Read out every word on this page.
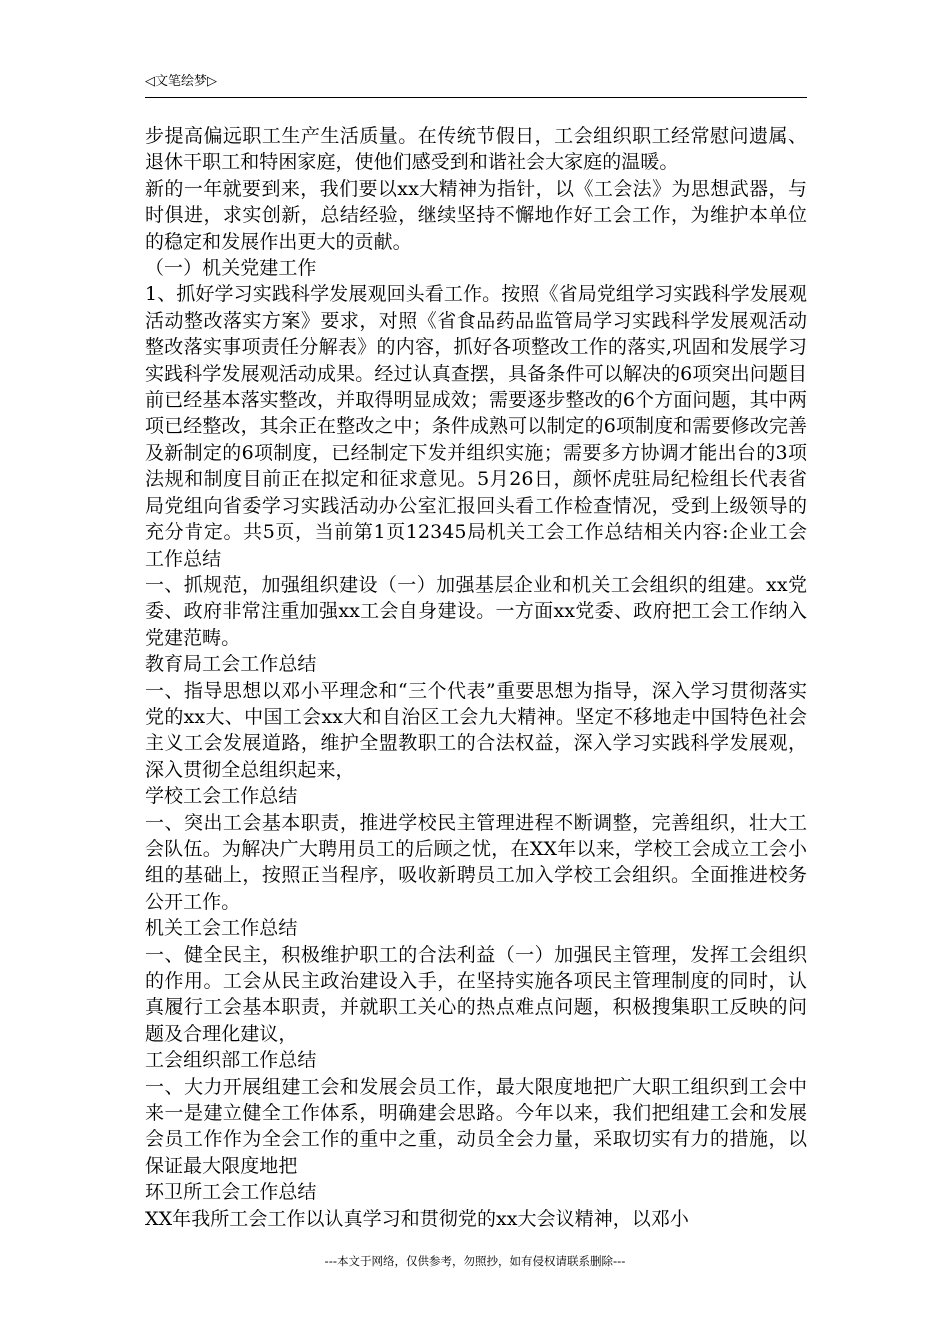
◁文笔绘梦▷

步提高偏远职工生产生活质量。在传统节假日，工会组织职工经常慰问遗属、退休干职工和特困家庭，使他们感受到和谐社会大家庭的温暖。

新的一年就要到来，我们要以xx大精神为指针，以《工会法》为思想武器，与时俱进，求实创新，总结经验，继续坚持不懈地作好工会工作，为维护本单位的稳定和发展作出更大的贡献。

（一）机关党建工作

1、抓好学习实践科学发展观回头看工作。按照《省局党组学习实践科学发展观活动整改落实方案》要求，对照《省食品药品监管局学习实践科学发展观活动整改落实事项责任分解表》的内容，抓好各项整改工作的落实,巩固和发展学习实践科学发展观活动成果。经过认真查摆，具备条件可以解决的6项突出问题目前已经基本落实整改，并取得明显成效；需要逐步整改的6个方面问题，其中两项已经整改，其余正在整改之中；条件成熟可以制定的6项制度和需要修改完善及新制定的6项制度，已经制定下发并组织实施；需要多方协调才能出台的3项法规和制度目前正在拟定和征求意见。5月26日，颜怀虎驻局纪检组长代表省局党组向省委学习实践活动办公室汇报回头看工作检查情况，受到上级领导的充分肯定。共5页，当前第1页12345局机关工会工作总结相关内容:企业工会工作总结

一、抓规范，加强组织建设（一）加强基层企业和机关工会组织的组建。xx党委、政府非常注重加强xx工会自身建设。一方面xx党委、政府把工会工作纳入党建范畴。

教育局工会工作总结

一、指导思想以邓小平理念和“三个代表”重要思想为指导，深入学习贯彻落实党的xx大、中国工会xx大和自治区工会九大精神。坚定不移地走中国特色社会主义工会发展道路，维护全盟教职工的合法权益，深入学习实践科学发展观，深入贯彻全总组织起来，

学校工会工作总结

一、突出工会基本职责，推进学校民主管理进程不断调整，完善组织，壮大工会队伍。为解决广大聘用员工的后顾之忧，在XX年以来，学校工会成立工会小组的基础上，按照正当程序，吸收新聘员工加入学校工会组织。全面推进校务公开工作。

机关工会工作总结

一、健全民主，积极维护职工的合法利益（一）加强民主管理，发挥工会组织的作用。工会从民主政治建设入手，在坚持实施各项民主管理制度的同时，认真履行工会基本职责，并就职工关心的热点难点问题，积极搜集职工反映的问题及合理化建议，

工会组织部工作总结

一、大力开展组建工会和发展会员工作，最大限度地把广大职工组织到工会中来一是建立健全工作体系，明确建会思路。今年以来，我们把组建工会和发展会员工作作为全会工作的重中之重，动员全会力量，采取切实有力的措施，以保证最大限度地把

环卫所工会工作总结

XX年我所工会工作以认真学习和贯彻党的xx大会议精神，以邓小

---本文于网络，仅供参考，勿照抄，如有侵权请联系删除---
